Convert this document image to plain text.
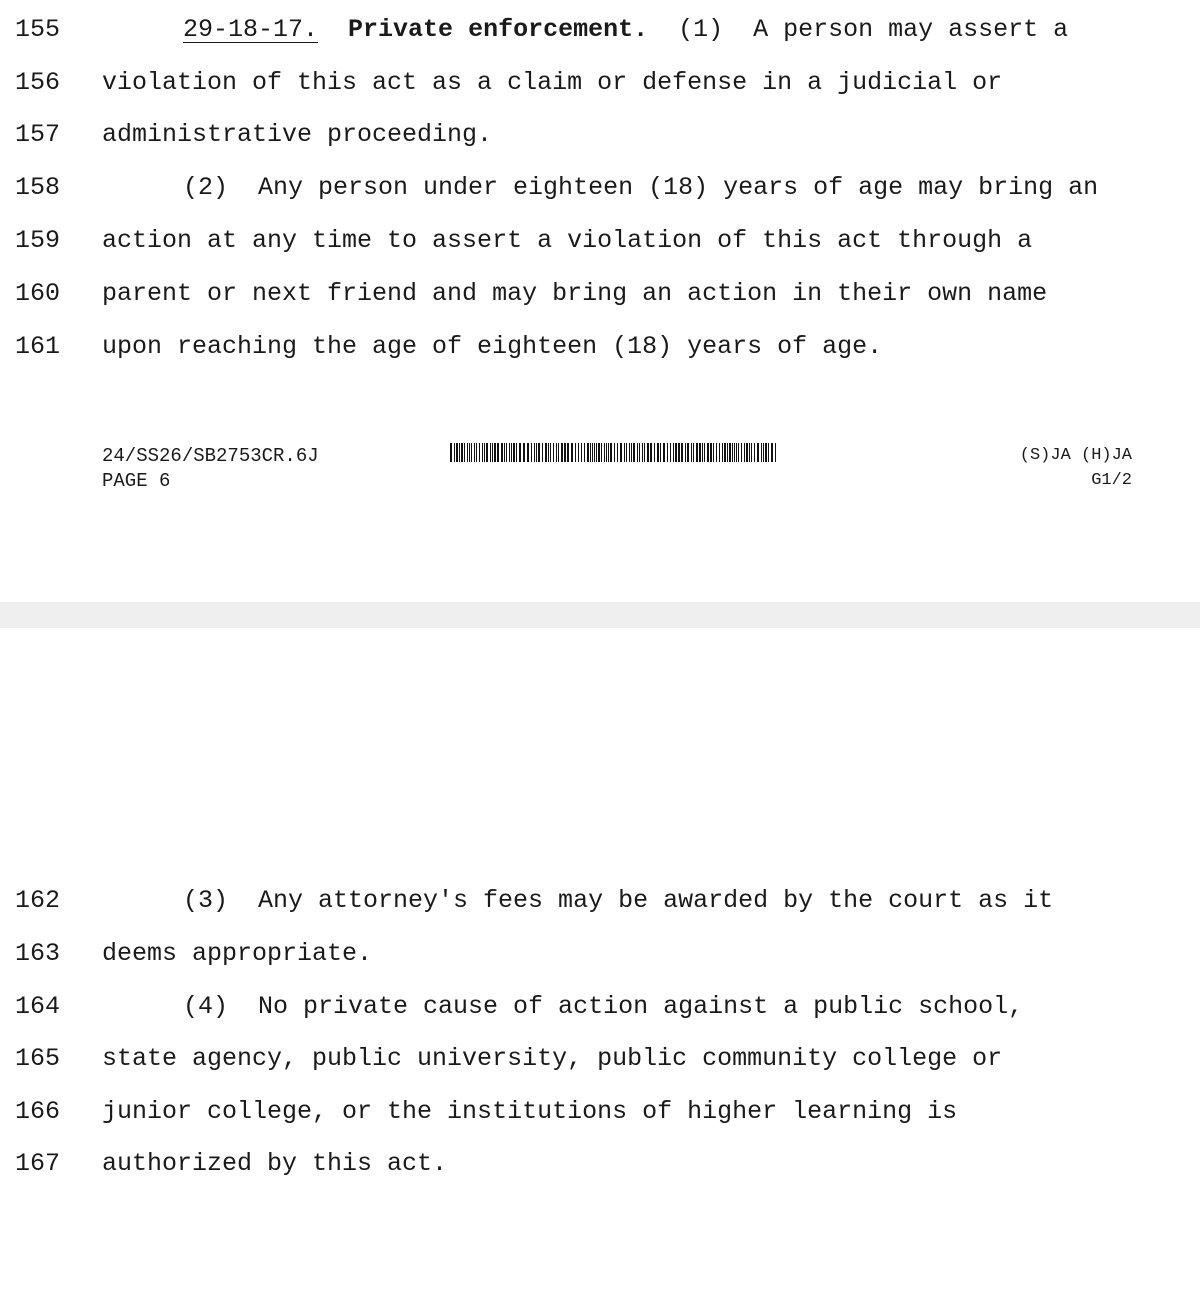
155

	29-18-17. Private enforcement. (1)  A person may assert a

156

violation of this act as a claim or defense in a judicial or

157

administrative proceeding.

158

	(2)  Any person under eighteen (18) years of age may bring an

159

action at any time to assert a violation of this act through a

160

parent or next friend and may bring an action in their own name

161

upon reaching the age of eighteen (18) years of age.

24/SS26/SB2753CR.6J
PAGE 6
(S)JA (H)JA
G1/2

162

	(3)  Any attorney's fees may be awarded by the court as it

163

deems appropriate.

164

	(4)  No private cause of action against a public school,

165

state agency, public university, public community college or

166

junior college, or the institutions of higher learning is

167

authorized by this act.
